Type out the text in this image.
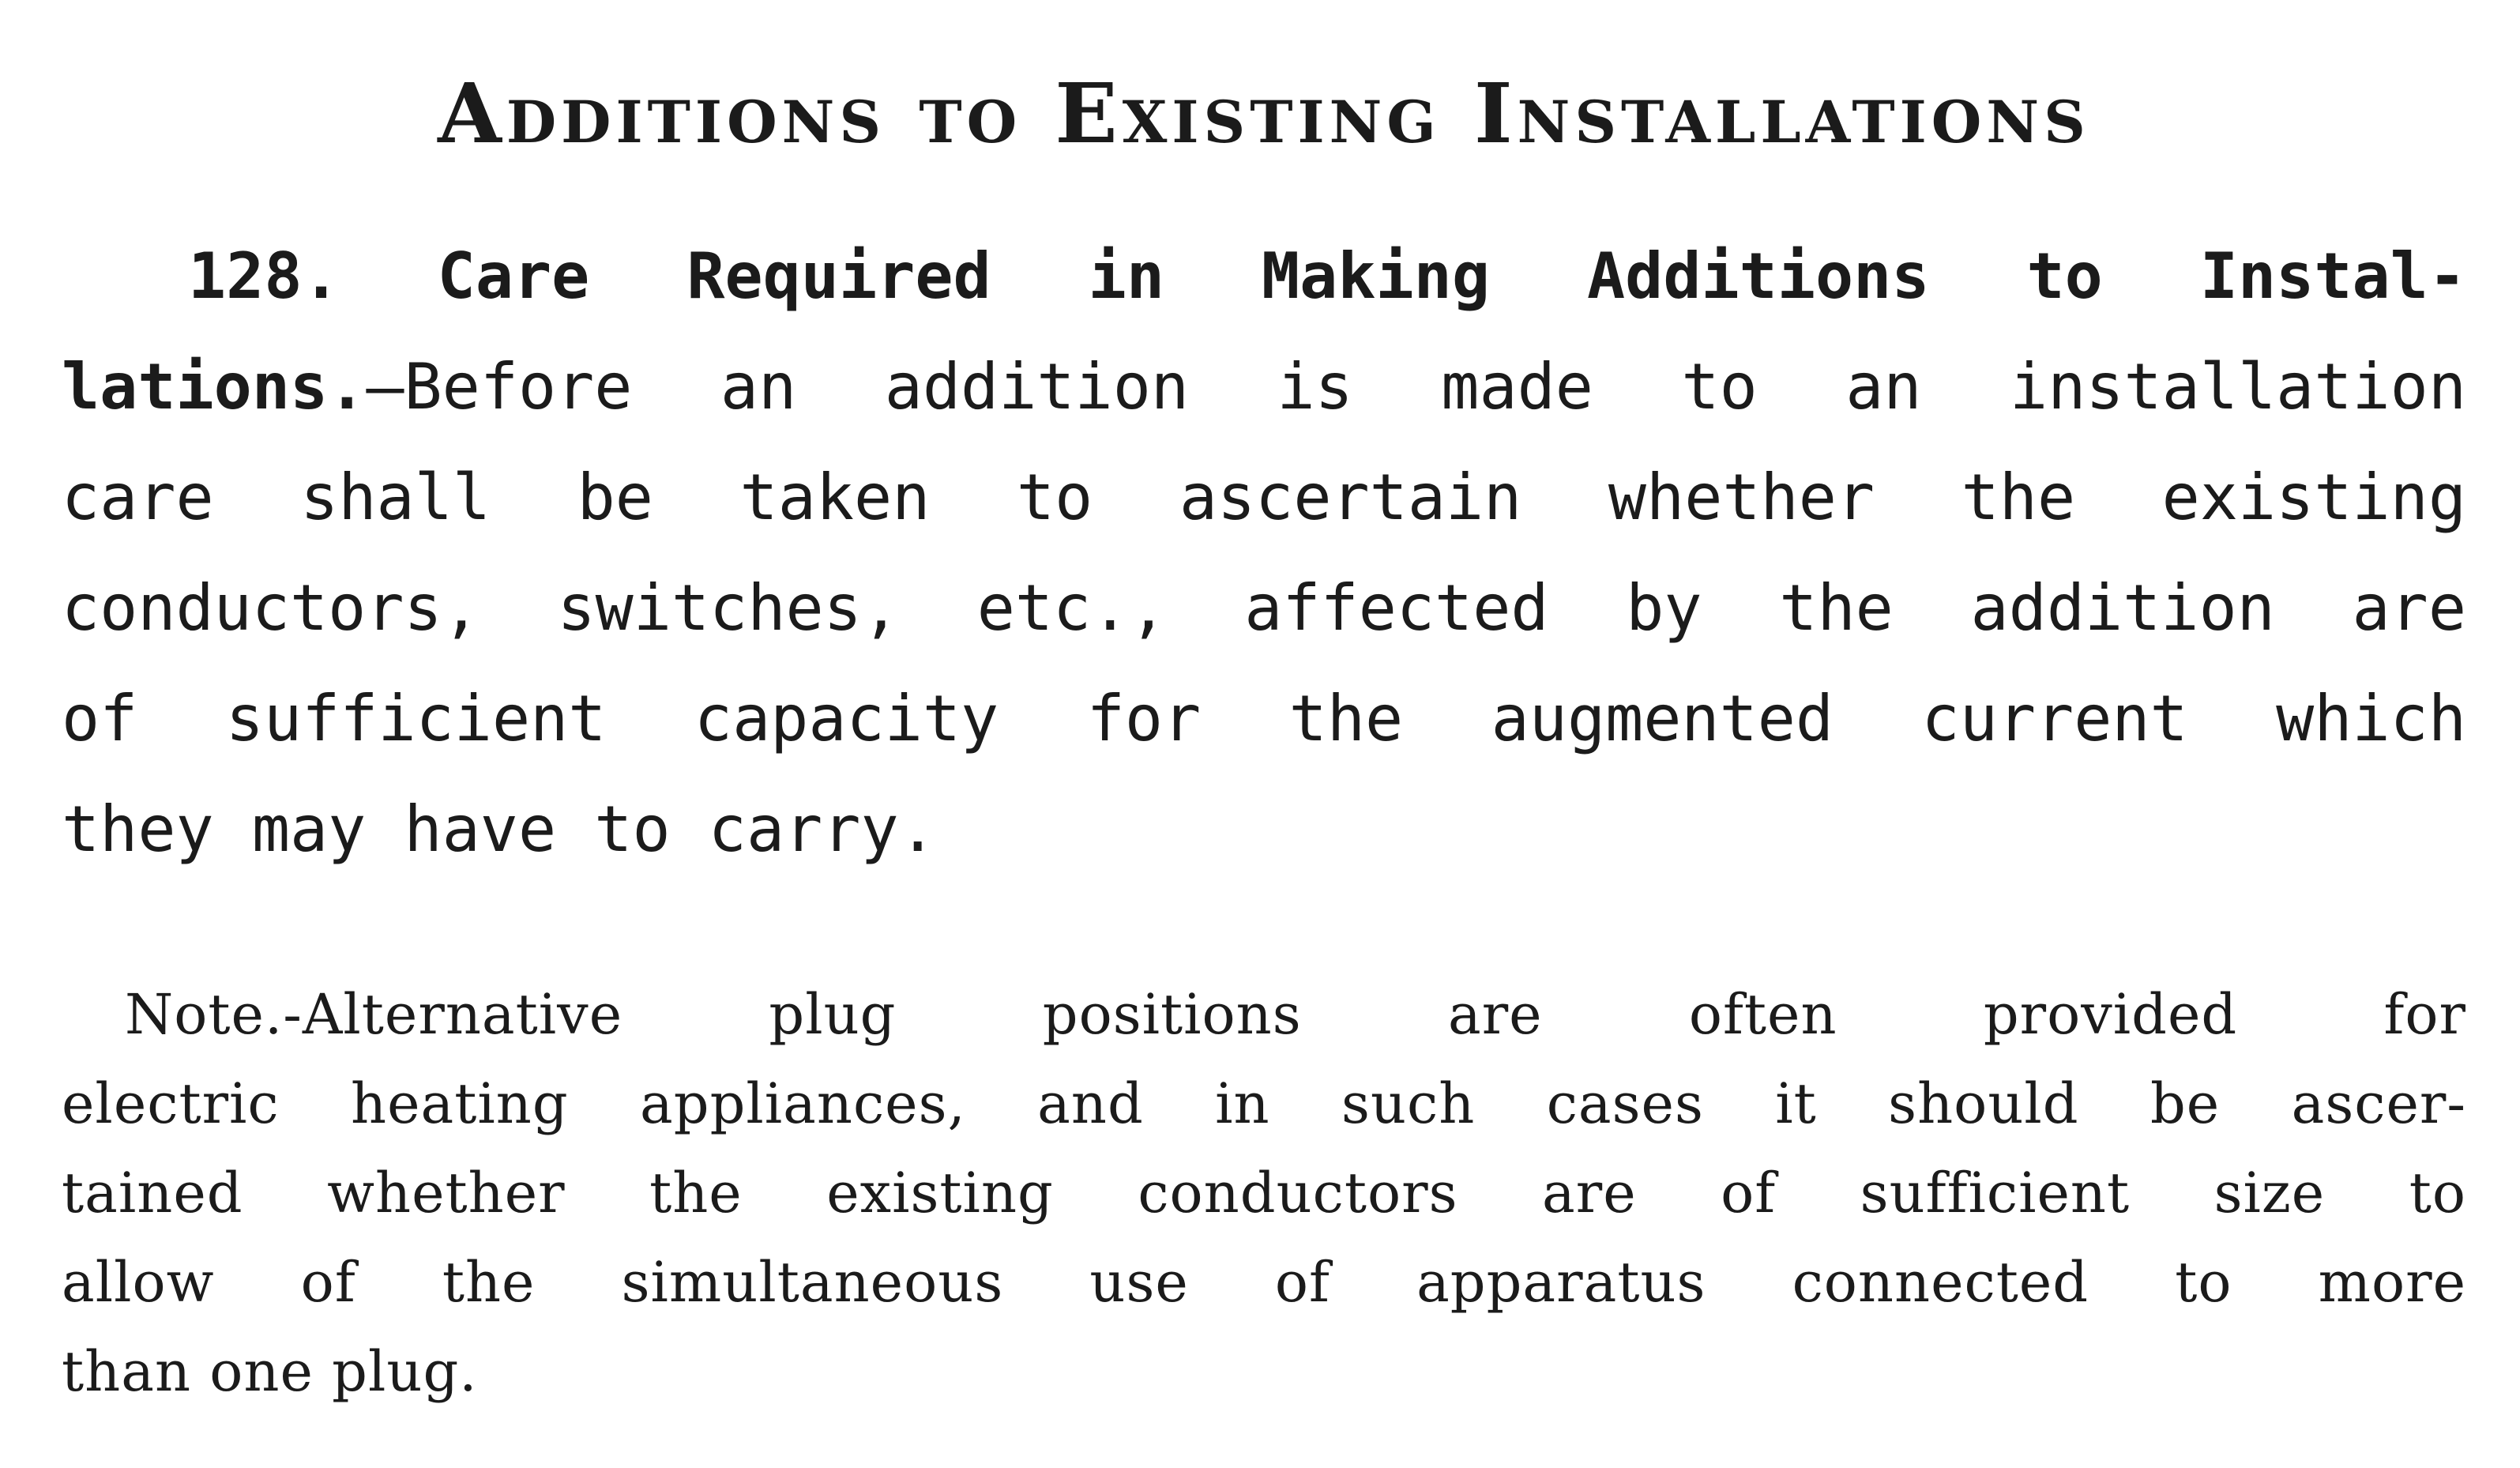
Additions to Existing Installations
128. Care Required in Making Additions to Instal-
lations.—Before an addition is made to an installation
care shall be taken to ascertain whether the existing
conductors, switches, etc., affected by the addition are
of sufficient capacity for the augmented current which
they may have to carry.
Note.-Alternative plug positions are often provided for
electric heating appliances, and in such cases it should be ascer-
tained whether the existing conductors are of sufficient size to
allow of the simultaneous use of apparatus connected to more
than one plug.
